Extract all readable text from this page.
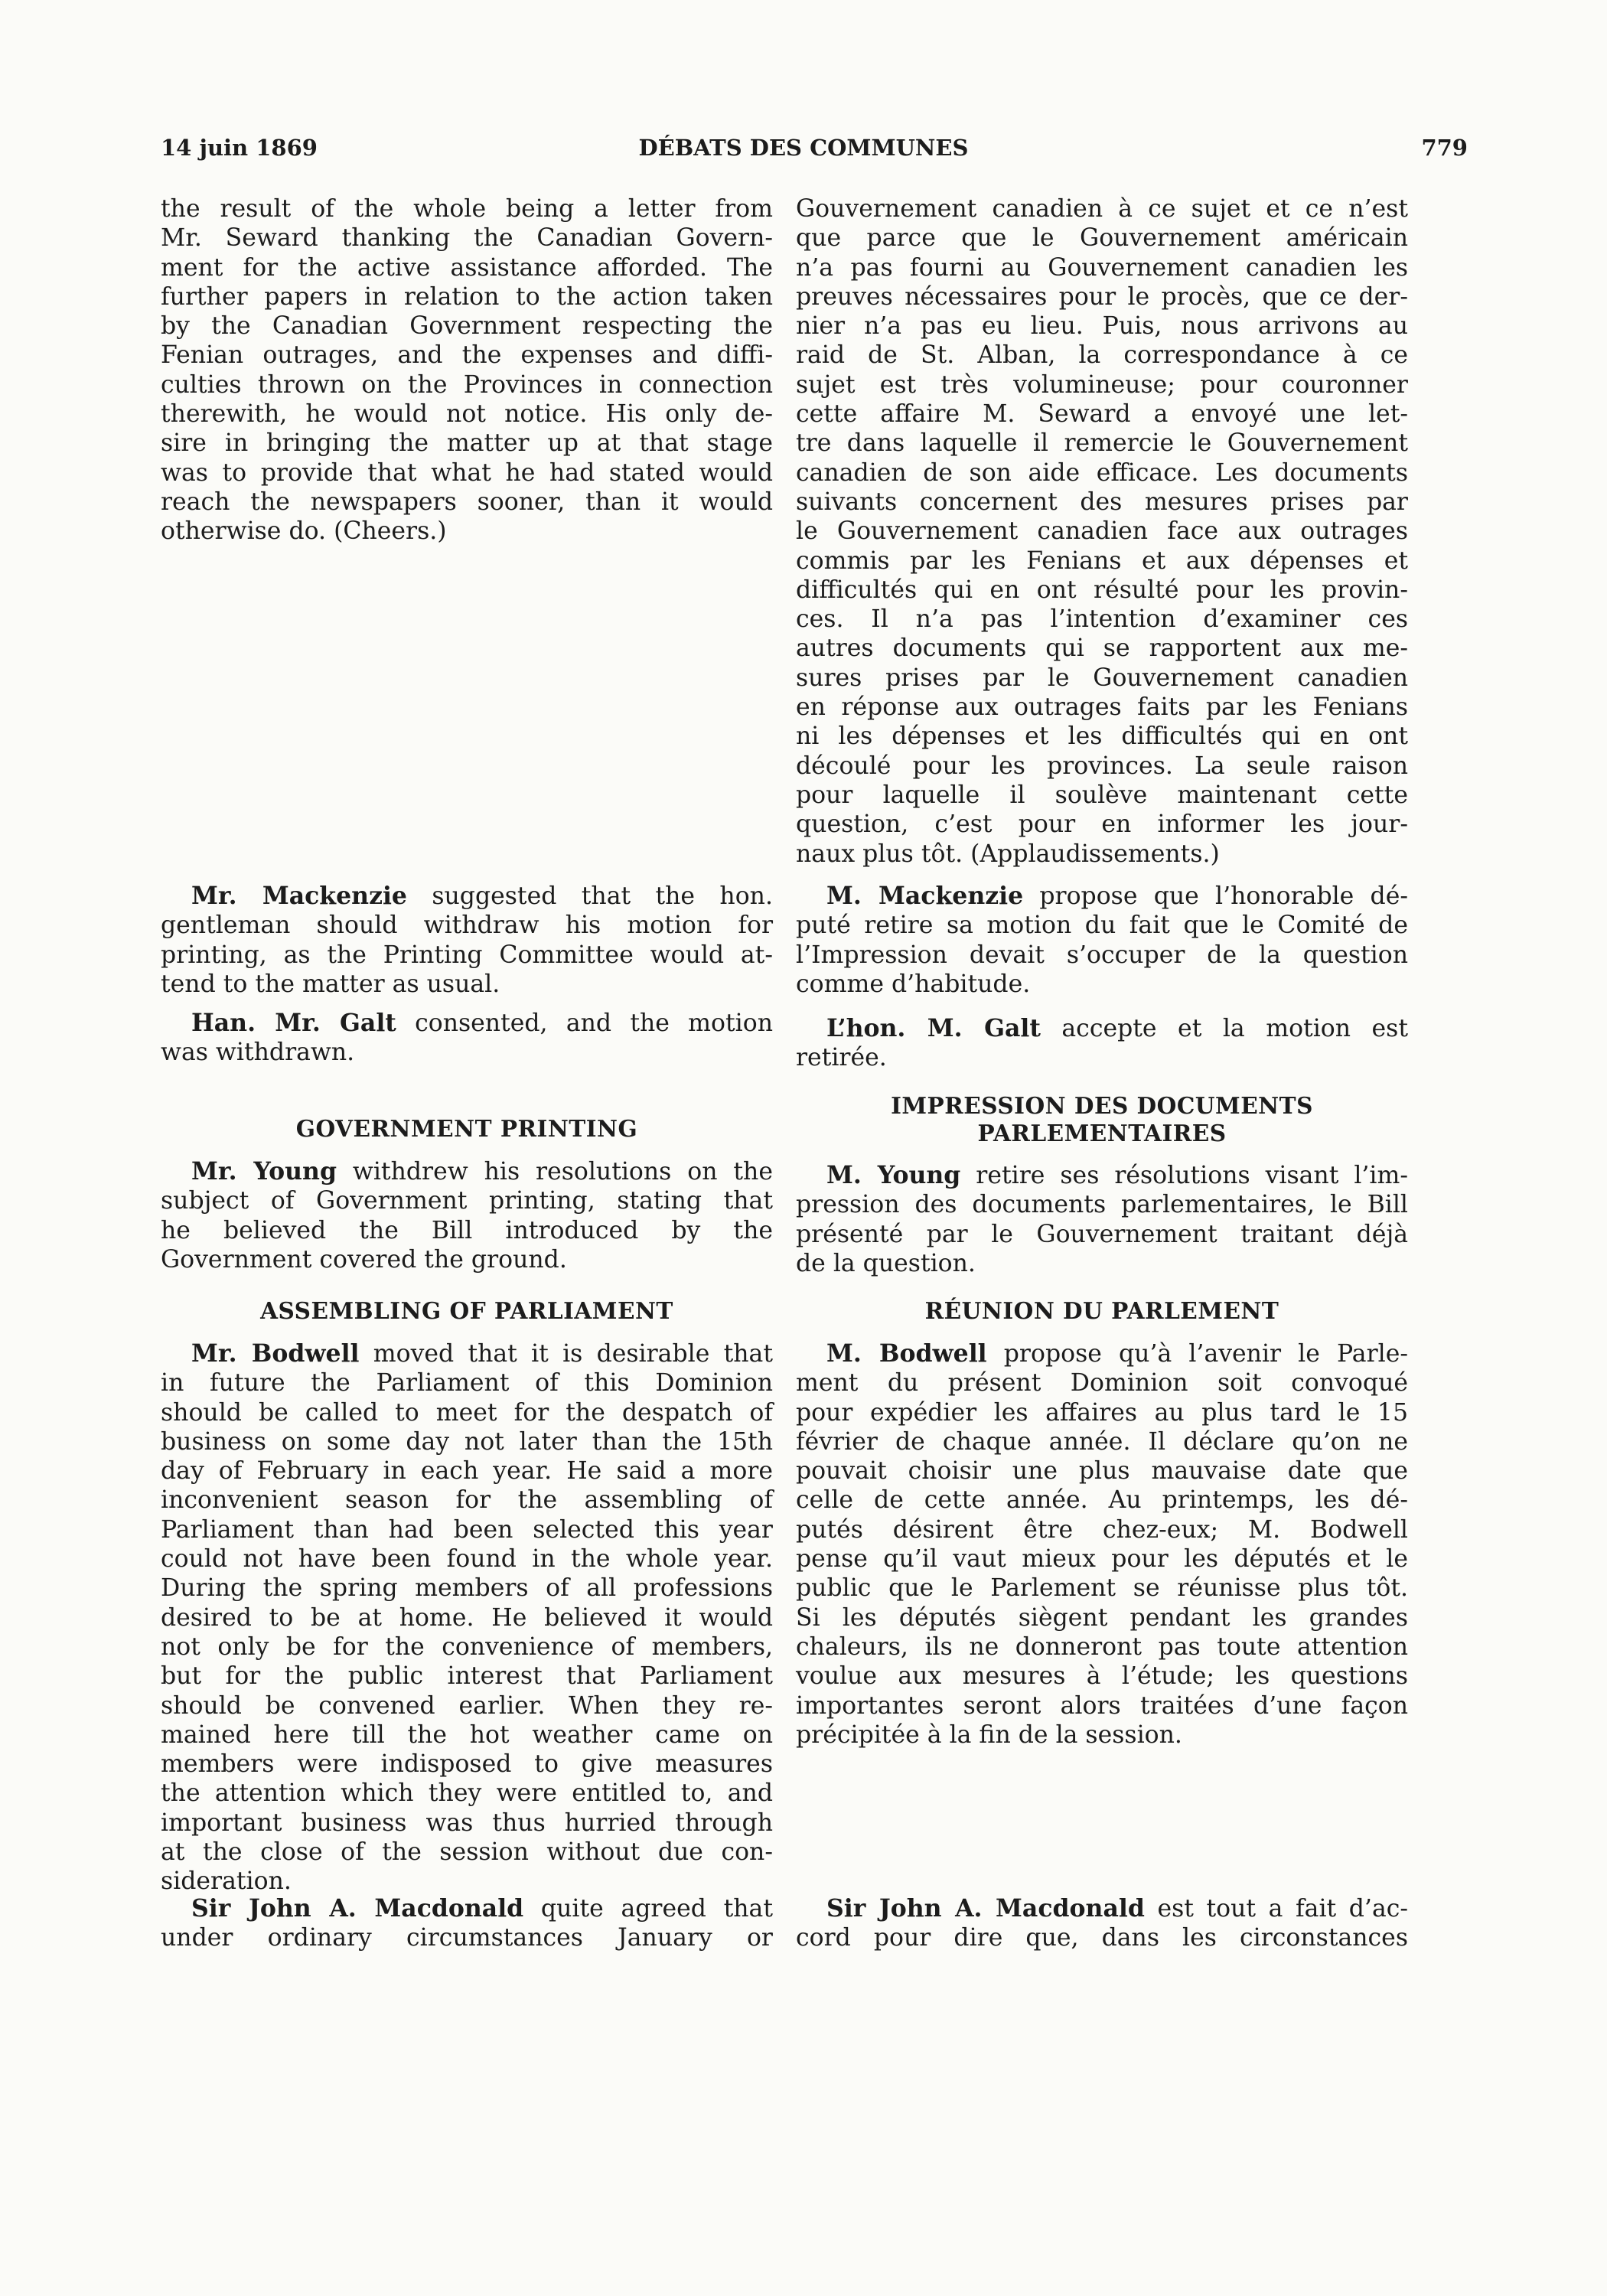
14 juin 1869	DÉBATS DES COMMUNES	779
the result of the whole being a letter from
Mr. Seward thanking the Canadian Govern-
ment for the active assistance afforded. The
further papers in relation to the action taken
by the Canadian Government respecting the
Fenian outrages, and the expenses and diffi-
culties thrown on the Provinces in connection
therewith, he would not notice. His only de-
sire in bringing the matter up at that stage
was to provide that what he had stated would
reach the newspapers sooner, than it would
otherwise do. (Cheers.)
Mr. Mackenzie suggested that the hon.
gentleman should withdraw his motion for
printing, as the Printing Committee would at-
tend to the matter as usual.
Han. Mr. Galt consented, and the motion
was withdrawn.
GOVERNMENT PRINTING
Mr. Young withdrew his resolutions on the
subject of Government printing, stating that
he believed the Bill introduced by the
Government covered the ground.
ASSEMBLING OF PARLIAMENT
Mr. Bodwell moved that it is desirable that
in future the Parliament of this Dominion
should be called to meet for the despatch of
business on some day not later than the 15th
day of February in each year. He said a more
inconvenient season for the assembling of
Parliament than had been selected this year
could not have been found in the whole year.
During the spring members of all professions
desired to be at home. He believed it would
not only be for the convenience of members,
but for the public interest that Parliament
should be convened earlier. When they re-
mained here till the hot weather came on
members were indisposed to give measures
the attention which they were entitled to, and
important business was thus hurried through
at the close of the session without due con-
sideration.
Sir John A. Macdonald quite agreed that
under ordinary circumstances January or
Gouvernement canadien à ce sujet et ce n’est
que parce que le Gouvernement américain
n’a pas fourni au Gouvernement canadien les
preuves nécessaires pour le procès, que ce der-
nier n’a pas eu lieu. Puis, nous arrivons au
raid de St. Alban, la correspondance à ce
sujet est très volumineuse; pour couronner
cette affaire M. Seward a envoyé une let-
tre dans laquelle il remercie le Gouvernement
canadien de son aide efficace. Les documents
suivants concernent des mesures prises par
le Gouvernement canadien face aux outrages
commis par les Fenians et aux dépenses et
difficultés qui en ont résulté pour les provin-
ces. Il n’a pas l’intention d’examiner ces
autres documents qui se rapportent aux me-
sures prises par le Gouvernement canadien
en réponse aux outrages faits par les Fenians
ni les dépenses et les difficultés qui en ont
découlé pour les provinces. La seule raison
pour laquelle il soulève maintenant cette
question, c’est pour en informer les jour-
naux plus tôt. (Applaudissements.)
M. Mackenzie propose que l’honorable dé-
puté retire sa motion du fait que le Comité de
l’Impression devait s’occuper de la question
comme d’habitude.
L’hon. M. Galt accepte et la motion est
retirée.
IMPRESSION DES DOCUMENTS
PARLEMENTAIRES
M. Young retire ses résolutions visant l’im-
pression des documents parlementaires, le Bill
présenté par le Gouvernement traitant déjà
de la question.
RÉUNION DU PARLEMENT
M. Bodwell propose qu’à l’avenir le Parle-
ment du présent Dominion soit convoqué
pour expédier les affaires au plus tard le 15
février de chaque année. Il déclare qu’on ne
pouvait choisir une plus mauvaise date que
celle de cette année. Au printemps, les dé-
putés désirent être chez-eux; M. Bodwell
pense qu’il vaut mieux pour les députés et le
public que le Parlement se réunisse plus tôt.
Si les députés siègent pendant les grandes
chaleurs, ils ne donneront pas toute attention
voulue aux mesures à l’étude; les questions
importantes seront alors traitées d’une façon
précipitée à la fin de la session.
Sir John A. Macdonald est tout a fait d’ac-
cord pour dire que, dans les circonstances
